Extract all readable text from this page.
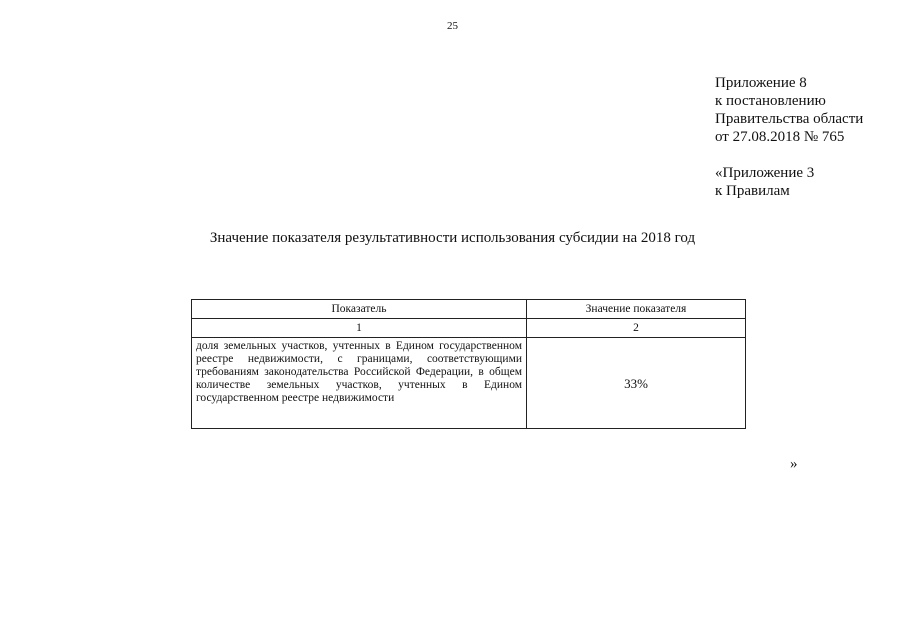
25
Приложение 8
к постановлению
Правительства области
от 27.08.2018 № 765
«Приложение 3
к Правилам
Значение показателя результативности использования субсидии на 2018 год
Показатель	Значение показателя
1	2
доля земельных участков, учтенных в Едином государственном реестре недвижимости, с границами, соответствующими требованиям законодательства Российской Федерации, в общем количестве земельных участков, учтенных в Едином государственном реестре недвижимости	33%
»
